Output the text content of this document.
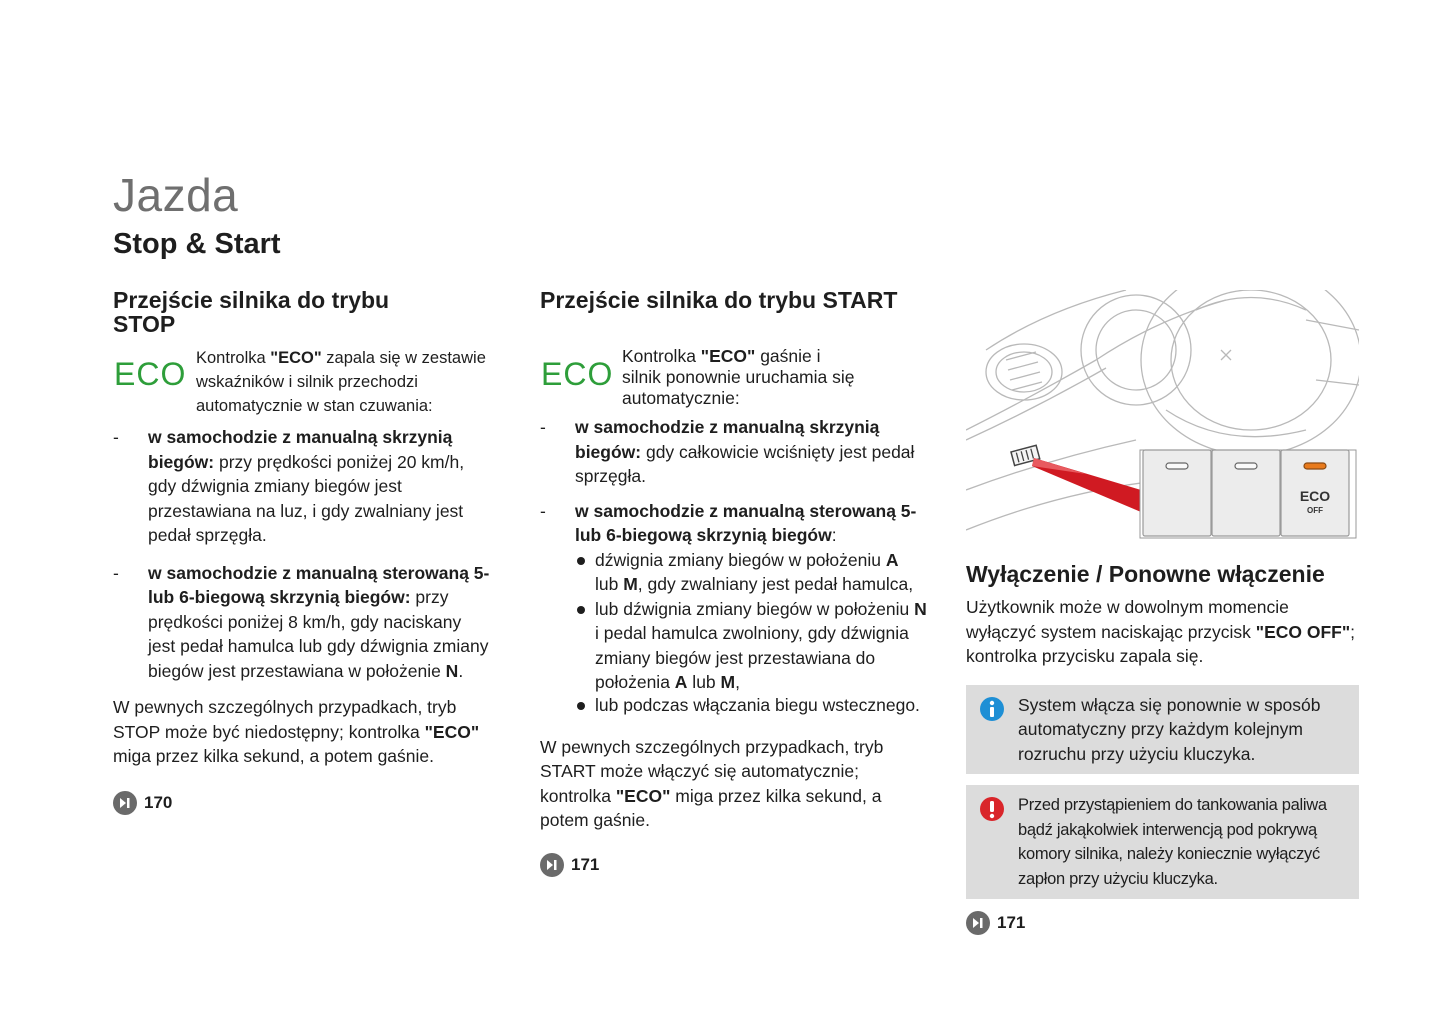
Jazda
Stop & Start
Przejście silnika do trybu
STOP
ECO Kontrolka "ECO" zapala się w zestawie
wskaźników i silnik przechodzi
automatycznie w stan czuwania:
- w samochodzie z manualną skrzynią biegów: przy prędkości poniżej 20 km/h, gdy dźwignia zmiany biegów jest przestawiana na luz, i gdy zwalniany jest pedał sprzęgła.
- w samochodzie z manualną sterowaną 5- lub 6-biegową skrzynią biegów: przy prędkości poniżej 8 km/h, gdy naciskany jest pedał hamulca lub gdy dźwignia zmiany biegów jest przestawiana w położenie N.

W pewnych szczególnych przypadkach, tryb STOP może być niedostępny; kontrolka "ECO" miga przez kilka sekund, a potem gaśnie.

170
Przejście silnika do trybu START
ECO Kontrolka "ECO" gaśnie i
silnik ponownie uruchamia się
automatycznie:
- w samochodzie z manualną skrzynią biegów: gdy całkowicie wciśnięty jest pedał sprzęgła.
- w samochodzie z manualną sterowaną 5- lub 6-biegową skrzynią biegów:
dźwignia zmiany biegów w położeniu A
lub M, gdy zwalniany jest pedał hamulca,
lub dźwignia zmiany biegów w położeniu N i pedal hamulca zwolniony, gdy dźwignia zmiany biegów jest przestawiana do położenia A lub M,
lub podczas włączania biegu wstecznego.

W pewnych szczególnych przypadkach, tryb START może włączyć się automatycznie; kontrolka "ECO" miga przez kilka sekund, a potem gaśnie.

171
ECO
OFF
Wyłączenie / Ponowne włączenie

Użytkownik może w dowolnym momencie wyłączyć system naciskając przycisk "ECO OFF"; kontrolka przycisku zapala się.

System włącza się ponownie w sposób automatyczny przy każdym kolejnym rozruchu przy użyciu kluczyka.
Przed przystąpieniem do tankowania paliwa bądź jakąkolwiek interwencją pod pokrywą komory silnika, należy koniecznie wyłączyć zapłon przy użyciu kluczyka.
171
